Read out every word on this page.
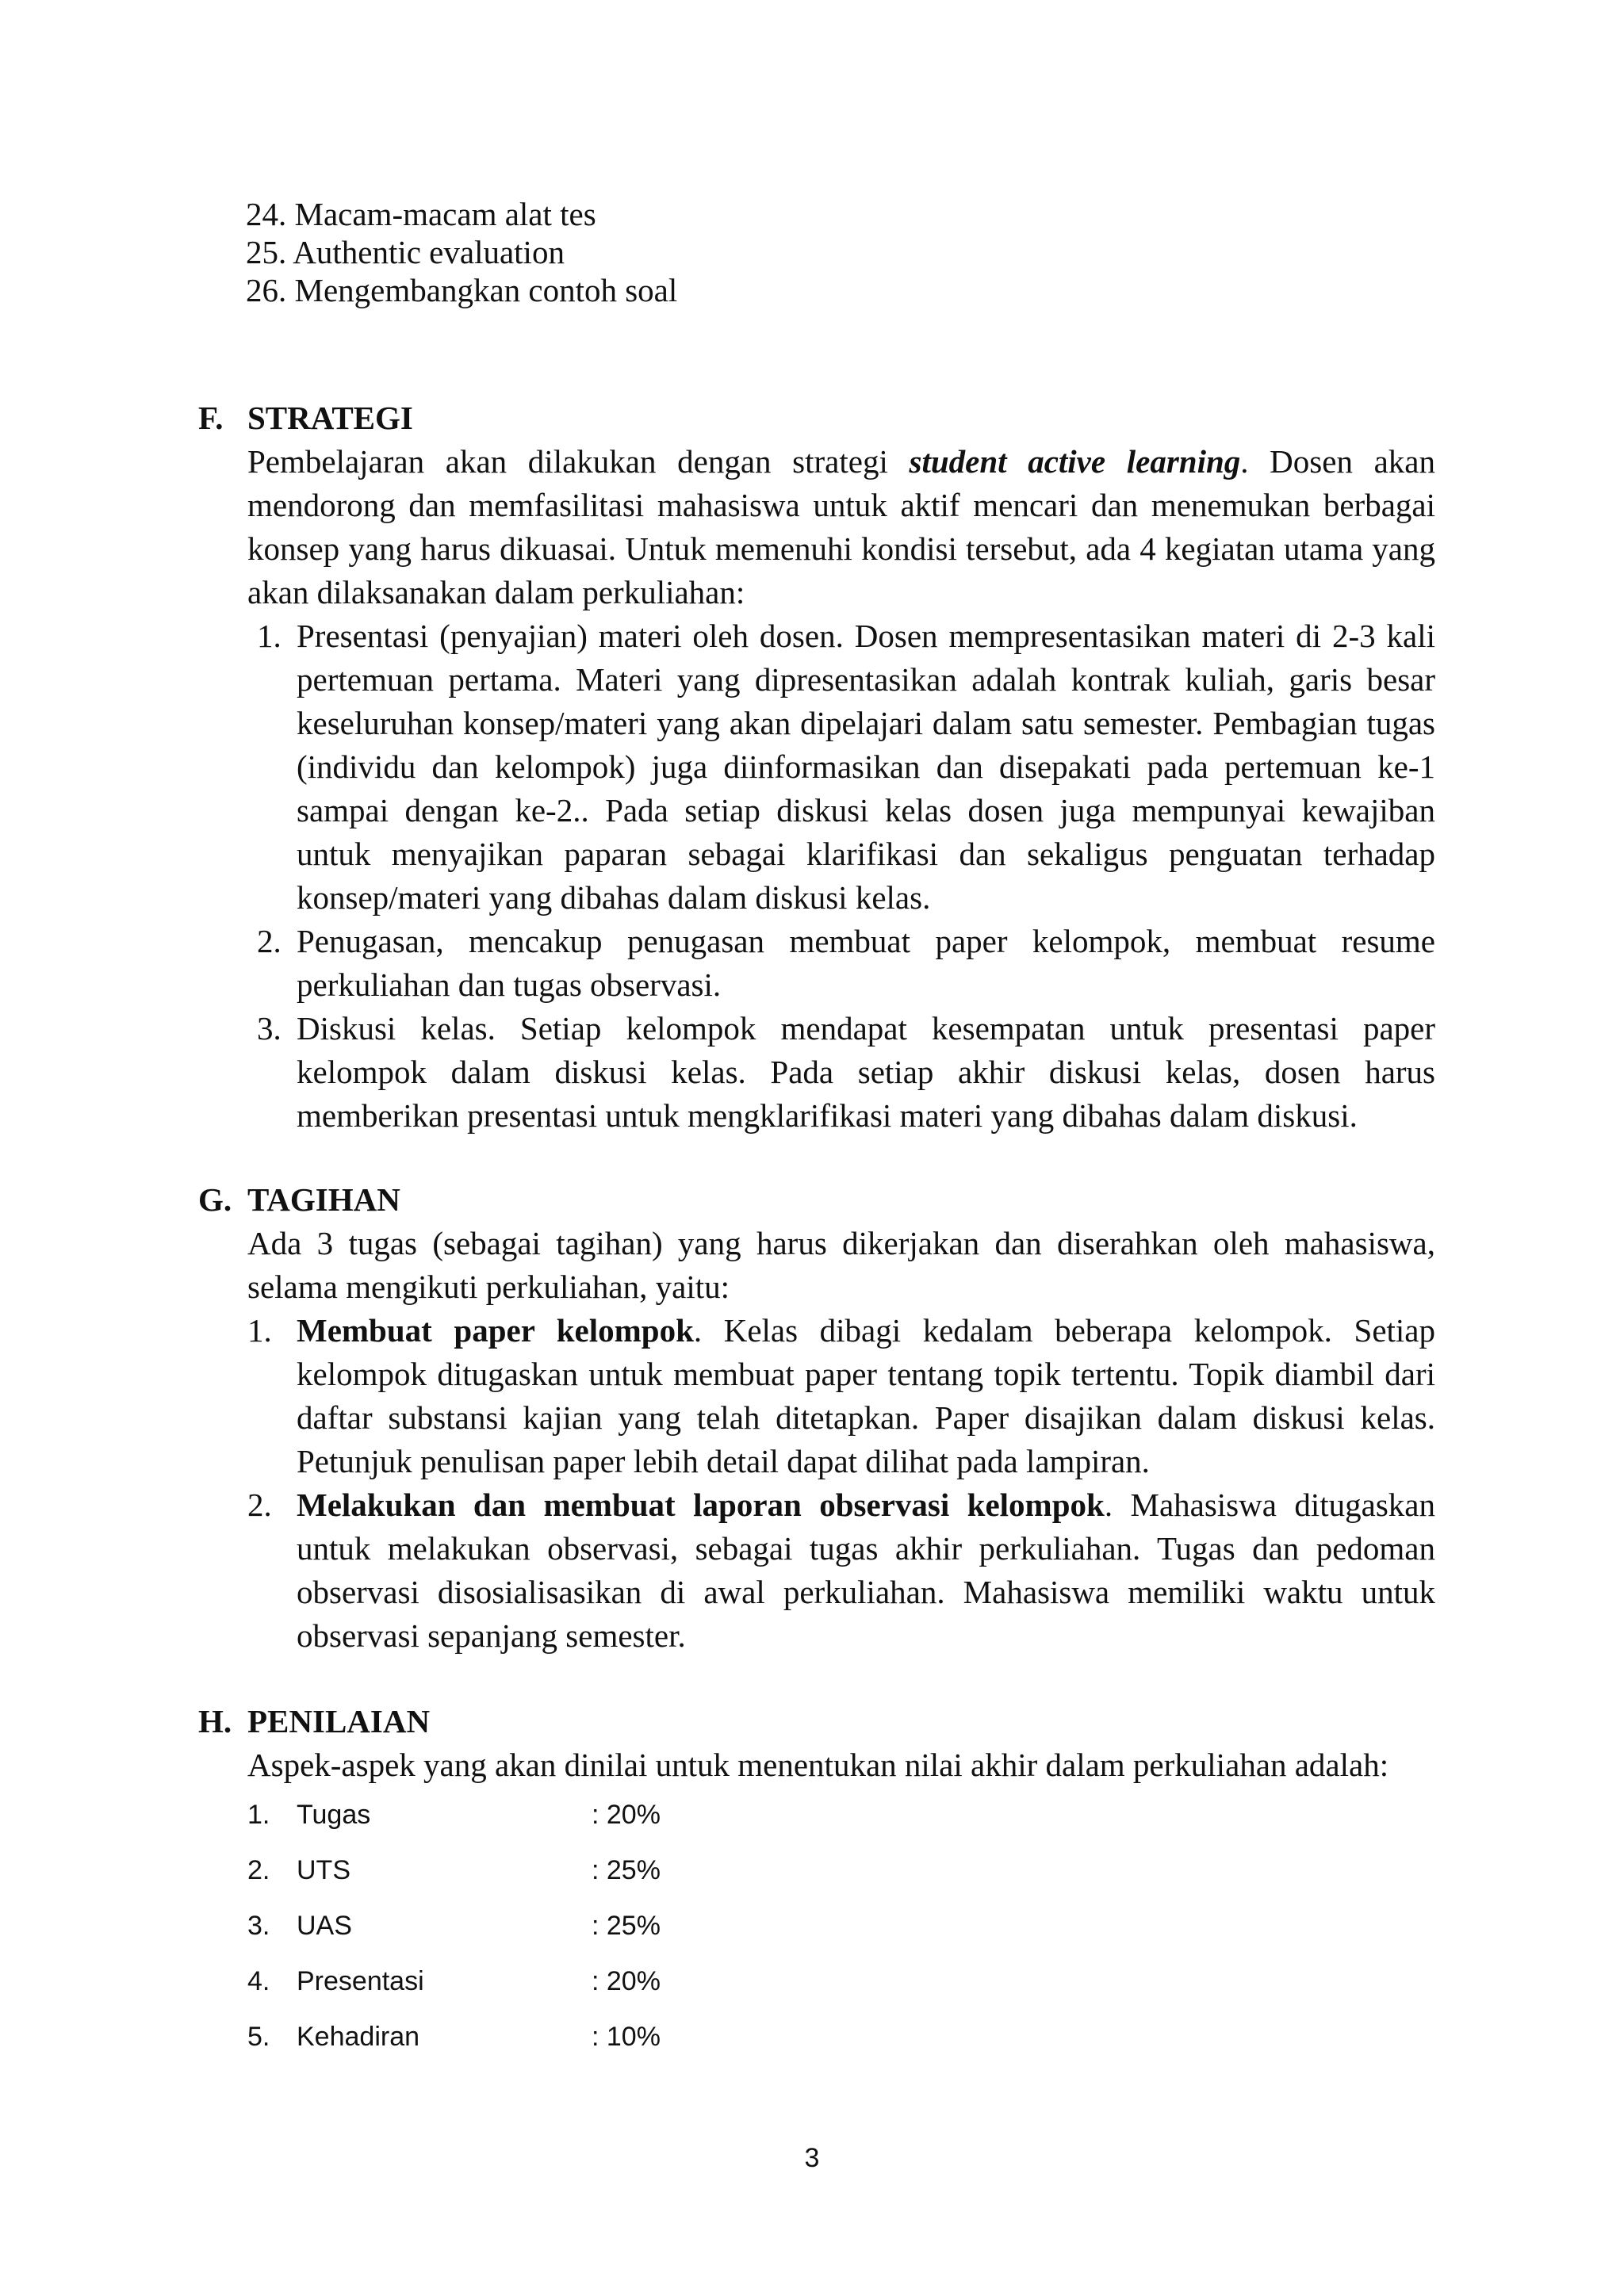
24. Macam-macam alat tes
25. Authentic evaluation
26. Mengembangkan contoh soal
F. STRATEGI
Pembelajaran akan dilakukan dengan strategi student active learning. Dosen akan mendorong dan memfasilitasi mahasiswa untuk aktif mencari dan menemukan berbagai konsep yang harus dikuasai. Untuk memenuhi kondisi tersebut, ada 4 kegiatan utama yang akan dilaksanakan dalam perkuliahan:
1. Presentasi (penyajian) materi oleh dosen. Dosen mempresentasikan materi di 2-3 kali pertemuan pertama. Materi yang dipresentasikan adalah kontrak kuliah, garis besar keseluruhan konsep/materi yang akan dipelajari dalam satu semester. Pembagian tugas (individu dan kelompok) juga diinformasikan dan disepakati pada pertemuan ke-1 sampai dengan ke-2.. Pada setiap diskusi kelas dosen juga mempunyai kewajiban untuk menyajikan paparan sebagai klarifikasi dan sekaligus penguatan terhadap konsep/materi yang dibahas dalam diskusi kelas.
2. Penugasan, mencakup penugasan membuat paper kelompok, membuat resume perkuliahan dan tugas observasi.
3. Diskusi kelas. Setiap kelompok mendapat kesempatan untuk presentasi paper kelompok dalam diskusi kelas. Pada setiap akhir diskusi kelas, dosen harus memberikan presentasi untuk mengklarifikasi materi yang dibahas dalam diskusi.
G. TAGIHAN
Ada 3 tugas (sebagai tagihan) yang harus dikerjakan dan diserahkan oleh mahasiswa, selama mengikuti perkuliahan, yaitu:
1. Membuat paper kelompok. Kelas dibagi kedalam beberapa kelompok. Setiap kelompok ditugaskan untuk membuat paper tentang topik tertentu. Topik diambil dari daftar substansi kajian yang telah ditetapkan. Paper disajikan dalam diskusi kelas. Petunjuk penulisan paper lebih detail dapat dilihat pada lampiran.
2. Melakukan dan membuat laporan observasi kelompok. Mahasiswa ditugaskan untuk melakukan observasi, sebagai tugas akhir perkuliahan. Tugas dan pedoman observasi disosialisasikan di awal perkuliahan. Mahasiswa memiliki waktu untuk observasi sepanjang semester.
H. PENILAIAN
Aspek-aspek yang akan dinilai untuk menentukan nilai akhir dalam perkuliahan adalah:
1. Tugas	: 20%
2. UTS	: 25%
3. UAS	: 25%
4. Presentasi	: 20%
5. Kehadiran	: 10%
3
